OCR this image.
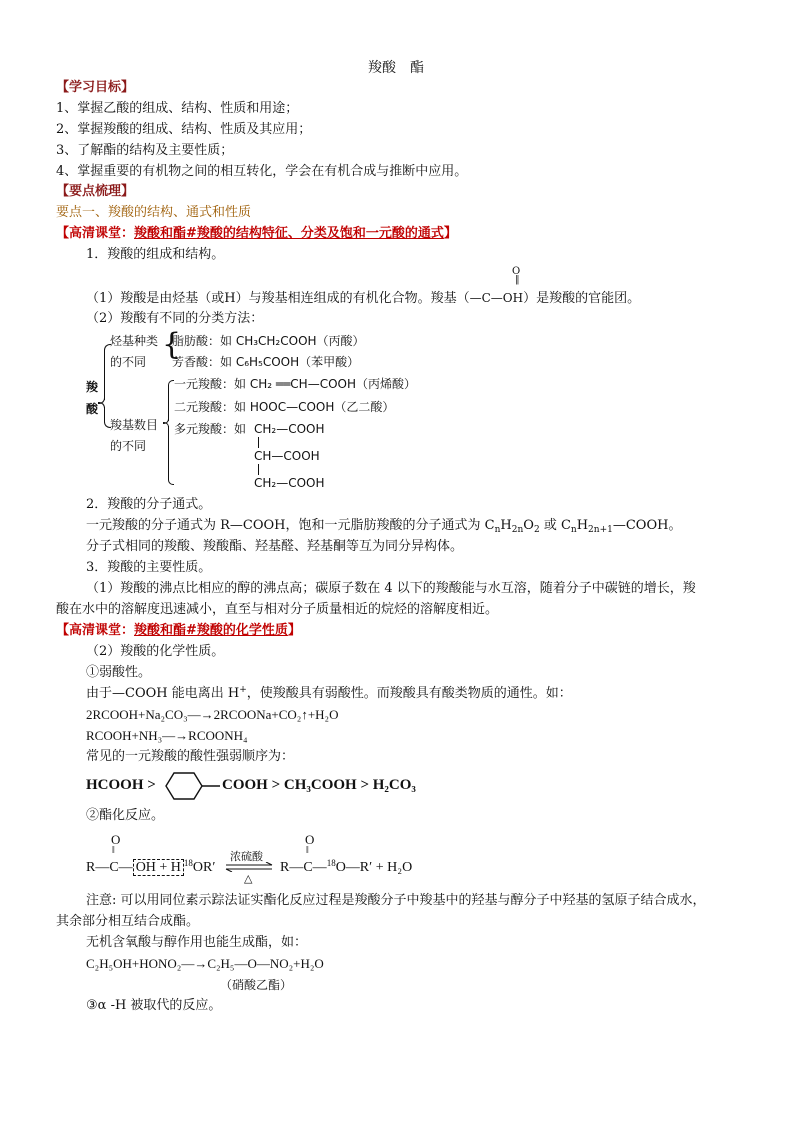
羧酸　酯
【学习目标】
1、掌握乙酸的组成、结构、性质和用途；
2、掌握羧酸的组成、结构、性质及其应用；
3、了解酯的结构及主要性质；
4、掌握重要的有机物之间的相互转化，学会在有机合成与推断中应用。
【要点梳理】
要点一、羧酸的结构、通式和性质
【高清课堂：羧酸和酯#羧酸的结构特征、分类及饱和一元酸的通式】
1．羧酸的组成和结构。
O
‖
（1）羧酸是由烃基（或H）与羧基相连组成的有机化合物。羧基（—C—OH）是羧酸的官能团。
（2）羧酸有不同的分类方法：
烃基种类
的不同 {
脂肪酸：如 CH₃CH₂COOH（丙酸）
芳香酸：如 C₆H₅COOH（苯甲酸）
羧酸
羧基数目
的不同
一元羧酸：如 CH₂ ══CH—COOH（丙烯酸）
二元羧酸：如 HOOC—COOH（乙二酸）
多元羧酸：如 CH₂—COOH
CH—COOH
CH₂—COOH
2．羧酸的分子通式。
一元羧酸的分子通式为 R—COOH，饱和一元脂肪羧酸的分子通式为 $C_nH_{2n}O_2$ 或 $C_nH_{2n+1}—COOH$。
分子式相同的羧酸、羧酸酯、羟基醛、羟基酮等互为同分异构体。
3．羧酸的主要性质。
（1）羧酸的沸点比相应的醇的沸点高；碳原子数在 4 以下的羧酸能与水互溶，随着分子中碳链的增长，羧
酸在水中的溶解度迅速减小，直至与相对分子质量相近的烷烃的溶解度相近。
【高清课堂：羧酸和酯#羧酸的化学性质】
（2）羧酸的化学性质。
①弱酸性。
由于—COOH 能电离出 H+，使羧酸具有弱酸性。而羧酸具有酸类物质的通性。如：
2RCOOH+Na₂CO₃—→2RCOONa+CO₂↑+H₂O
RCOOH+NH₃—→RCOONH₄
常见的一元羧酸的酸性强弱顺序为：
HCOOH >	COOH > CH₃COOH > H₂CO₃
②酯化反应。
O
‖
R—C— OH + H $^{18}$OR′
浓硫酸
△
O
‖
R—C—$^{18}$O—R′ + H₂O
注意: 可以用同位素示踪法证实酯化反应过程是羧酸分子中羧基中的羟基与醇分子中羟基的氢原子结合成水，
其余部分相互结合成酯。
无机含氧酸与醇作用也能生成酯，如：
C₂H₅OH+HONO₂—→C₂H₅—O—NO₂+H₂O
（硝酸乙酯）
③α -H 被取代的反应。
